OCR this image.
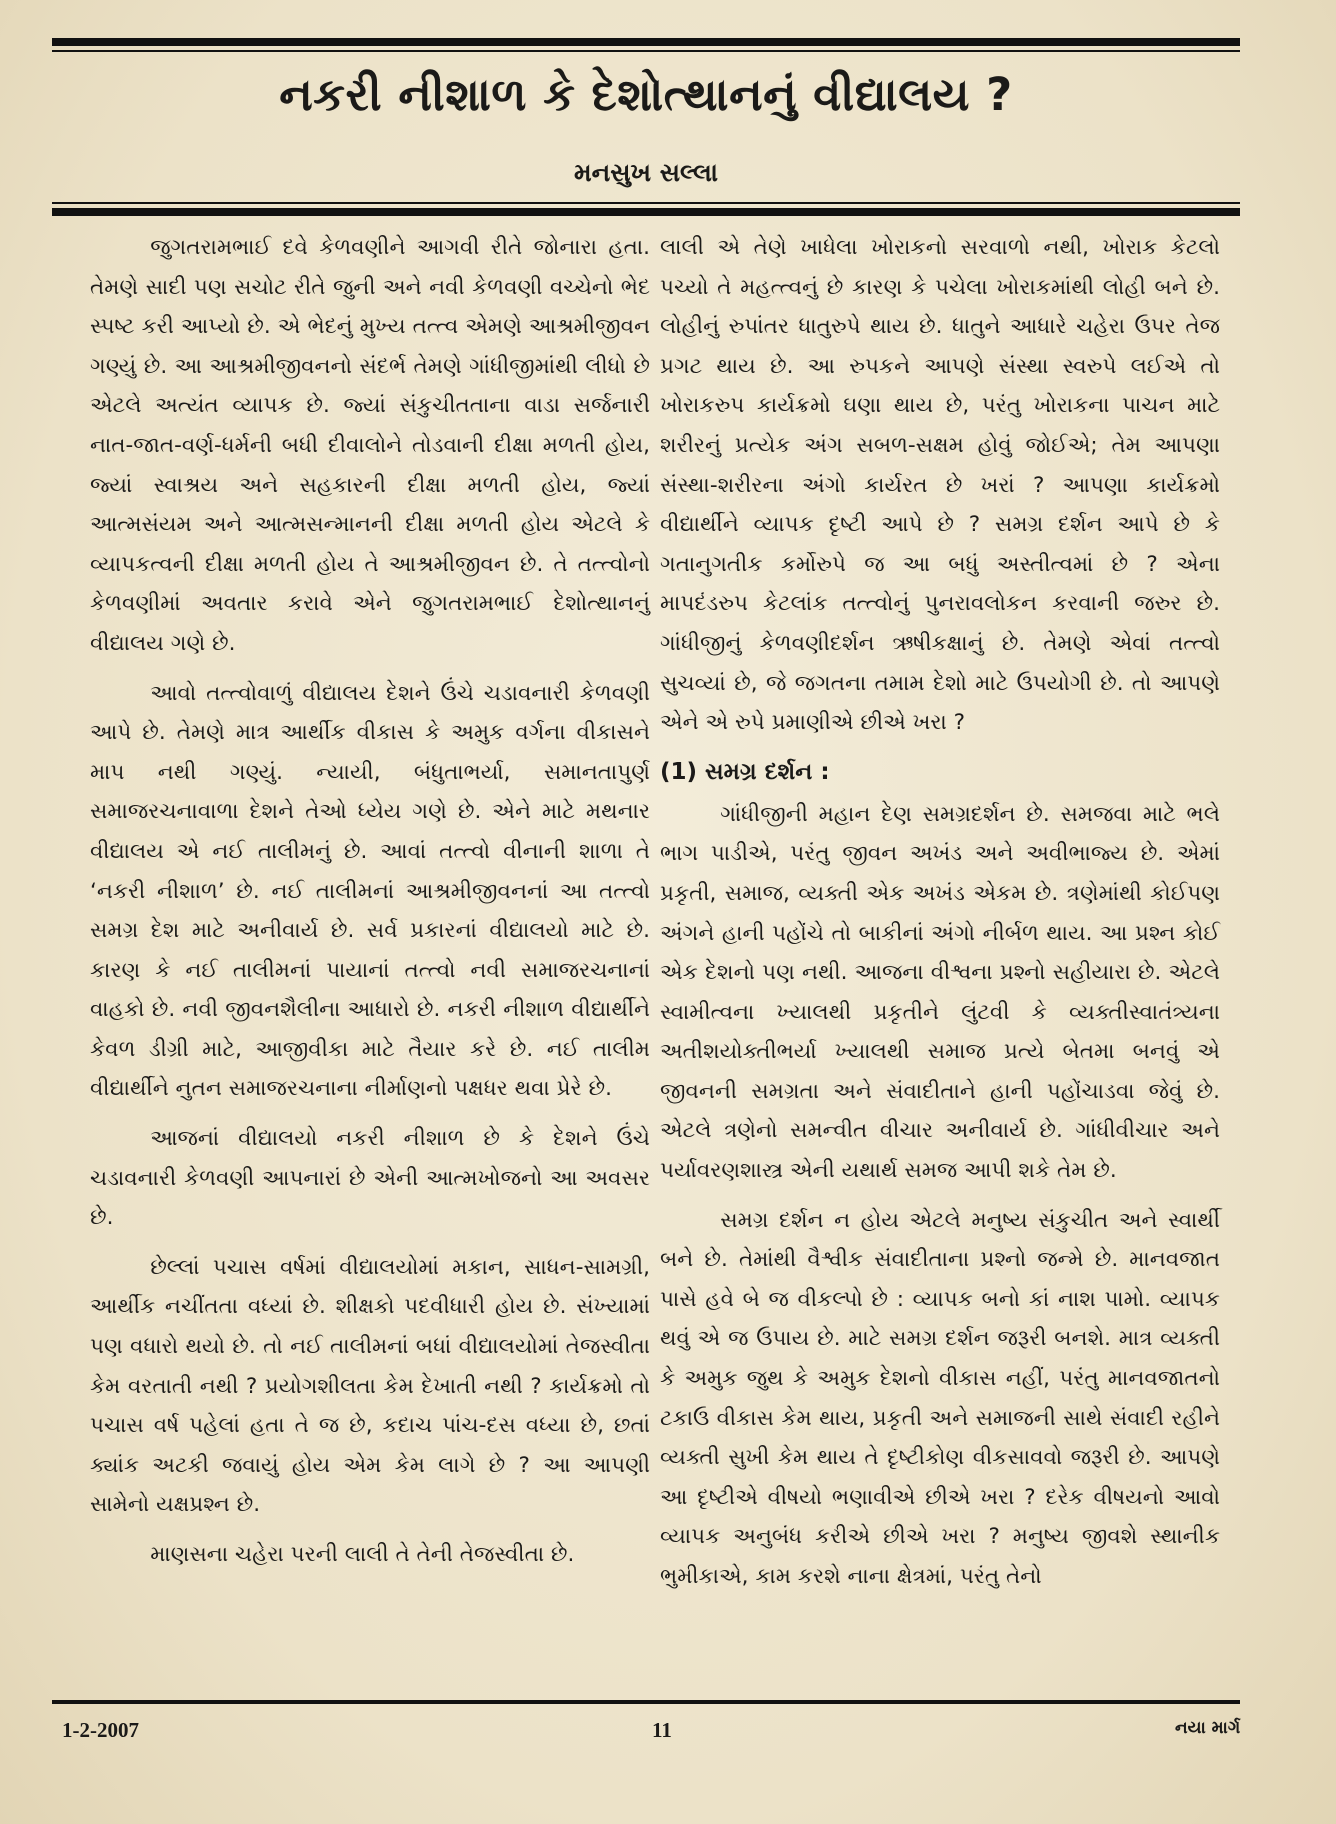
નકરી નીશાળ કે દેશોત્થાનનું વીદ્યાલય ?
મનસુખ સલ્લા

જુગતરામભાઈ દવે કેળવણીને આગવી રીતે જોનારા હતા. તેમણે સાદી પણ સચોટ રીતે જુની અને નવી કેળવણી વચ્ચેનો ભેદ સ્પષ્ટ કરી આપ્યો છે. એ ભેદનું મુખ્ય તત્ત્વ એમણે આશ્રમીજીવન ગણ્યું છે. આ આશ્રમીજીવનનો સંદર્ભ તેમણે ગાંધીજીમાંથી લીધો છે એટલે અત્યંત વ્યાપક છે. જ્યાં સંકુચીતતાના વાડા સર્જનારી નાત-જાત-વર્ણ-ધર્મની બધી દીવાલોને તોડવાની દીક્ષા મળતી હોય, જ્યાં સ્વાશ્રય અને સહકારની દીક્ષા મળતી હોય, જ્યાં આત્મસંયમ અને આત્મસન્માનની દીક્ષા મળતી હોય એટલે કે વ્યાપકત્વની દીક્ષા મળતી હોય તે આશ્રમીજીવન છે. તે તત્ત્વોનો કેળવણીમાં અવતાર કરાવે એને જુગતરામભાઈ દેશોત્થાનનું વીદ્યાલય ગણે છે.

આવો તત્ત્વોવાળું વીદ્યાલય દેશને ઉંચે ચડાવનારી કેળવણી આપે છે. તેમણે માત્ર આર્થીક વીકાસ કે અમુક વર્ગના વીકાસને માપ નથી ગણ્યું. ન્યાયી, બંધુતાભર્યા, સમાનતાપુર્ણ સમાજરચનાવાળા દેશને તેઓ ધ્યેય ગણે છે. એને માટે મથનાર વીદ્યાલય એ નઈ તાલીમનું છે. આવાં તત્ત્વો વીનાની શાળા તે ‘નકરી નીશાળ’ છે. નઈ તાલીમનાં આશ્રમીજીવનનાં આ તત્ત્વો સમગ્ર દેશ માટે અનીવાર્ય છે. સર્વ પ્રકારનાં વીદ્યાલયો માટે છે. કારણ કે નઈ તાલીમનાં પાયાનાં તત્ત્વો નવી સમાજરચનાનાં વાહકો છે. નવી જીવનશૈલીના આધારો છે. નકરી નીશાળ વીદ્યાર્થીને કેવળ ડીગ્રી માટે, આજીવીકા માટે તૈયાર કરે છે. નઈ તાલીમ વીદ્યાર્થીને નુતન સમાજરચનાના નીર્માણનો પક્ષધર થવા પ્રેરે છે.

આજનાં વીદ્યાલયો નકરી નીશાળ છે કે દેશને ઉંચે ચડાવનારી કેળવણી આપનારાં છે એની આત્મખોજનો આ અવસર છે.

છેલ્લાં પચાસ વર્ષમાં વીદ્યાલયોમાં મકાન, સાધન-સામગ્રી, આર્થીક નચીંતતા વધ્યાં છે. શીક્ષકો પદવીધારી હોય છે. સંખ્યામાં પણ વધારો થયો છે. તો નઈ તાલીમનાં બધાં વીદ્યાલયોમાં તેજસ્વીતા કેમ વરતાતી નથી ? પ્રયોગશીલતા કેમ દેખાતી નથી ? કાર્યક્રમો તો પચાસ વર્ષ પહેલાં હતા તે જ છે, કદાચ પાંચ-દસ વધ્યા છે, છતાં ક્યાંક અટકી જવાયું હોય એમ કેમ લાગે છે ? આ આપણી સામેનો યક્ષપ્રશ્ન છે.

માણસના ચહેરા પરની લાલી તે તેની તેજસ્વીતા છે.

લાલી એ તેણે ખાધેલા ખોરાકનો સરવાળો નથી, ખોરાક કેટલો પચ્યો તે મહત્ત્વનું છે કારણ કે પચેલા ખોરાકમાંથી લોહી બને છે. લોહીનું રુપાંતર ધાતુરુપે થાય છે. ધાતુને આધારે ચહેરા ઉપર તેજ પ્રગટ થાય છે. આ રુપકને આપણે સંસ્થા સ્વરુપે લઈએ તો ખોરાકરુપ કાર્યક્રમો ઘણા થાય છે, પરંતુ ખોરાકના પાચન માટે શરીરનું પ્રત્યેક અંગ સબળ-સક્ષમ હોવું જોઈએ; તેમ આપણા સંસ્થા-શરીરના અંગો કાર્યરત છે ખરાં ? આપણા કાર્યક્રમો વીદ્યાર્થીને વ્યાપક દૃષ્ટી આપે છે ? સમગ્ર દર્શન આપે છે કે ગતાનુગતીક કર્મોરુપે જ આ બધું અસ્તીત્વમાં છે ? એના માપદંડરુપ કેટલાંક તત્ત્વોનું પુનરાવલોકન કરવાની જરુર છે. ગાંધીજીનું કેળવણીદર્શન ઋષીકક્ષાનું છે. તેમણે એવાં તત્ત્વો સુચવ્યાં છે, જે જગતના તમામ દેશો માટે ઉપયોગી છે. તો આપણે એને એ રુપે પ્રમાણીએ છીએ ખરા ?

(1) સમગ્ર દર્શન :

ગાંધીજીની મહાન દેણ સમગ્રદર્શન છે. સમજવા માટે ભલે ભાગ પાડીએ, પરંતુ જીવન અખંડ અને અવીભાજ્ય છે. એમાં પ્રકૃતી, સમાજ, વ્યક્તી એક અખંડ એકમ છે. ત્રણેમાંથી કોઈપણ અંગને હાની પહોંચે તો બાકીનાં અંગો નીર્બળ થાય. આ પ્રશ્ન કોઈ એક દેશનો પણ નથી. આજના વીશ્વના પ્રશ્નો સહીયારા છે. એટલે સ્વામીત્વના ખ્યાલથી પ્રકૃતીને લુંટવી કે વ્યક્તીસ્વાતંત્ર્યના અતીશયોક્તીભર્યા ખ્યાલથી સમાજ પ્રત્યે બેતમા બનવું એ જીવનની સમગ્રતા અને સંવાદીતાને હાની પહોંચાડવા જેવું છે. એટલે ત્રણેનો સમન્વીત વીચાર અનીવાર્ય છે. ગાંધીવીચાર અને પર્યાવરણશાસ્ત્ર એની યથાર્થ સમજ આપી શકે તેમ છે.

સમગ્ર દર્શન ન હોય એટલે મનુષ્ય સંકુચીત અને સ્વાર્થી બને છે. તેમાંથી વૈશ્વીક સંવાદીતાના પ્રશ્નો જન્મે છે. માનવજાત પાસે હવે બે જ વીકલ્પો છે : વ્યાપક બનો કાં નાશ પામો. વ્યાપક થવું એ જ ઉપાય છે. માટે સમગ્ર દર્શન જરૂરી બનશે. માત્ર વ્યક્તી કે અમુક જુથ કે અમુક દેશનો વીકાસ નહીં, પરંતુ માનવજાતનો ટકાઉ વીકાસ કેમ થાય, પ્રકૃતી અને સમાજની સાથે સંવાદી રહીને વ્યક્તી સુખી કેમ થાય તે દૃષ્ટીકોણ વીકસાવવો જરૂરી છે. આપણે આ દૃષ્ટીએ વીષયો ભણાવીએ છીએ ખરા ? દરેક વીષયનો આવો વ્યાપક અનુબંધ કરીએ છીએ ખરા ? મનુષ્ય જીવશે સ્થાનીક ભુમીકાએ, કામ કરશે નાના ક્ષેત્રમાં, પરંતુ તેનો

1-2-2007	11	નયા માર્ગ
